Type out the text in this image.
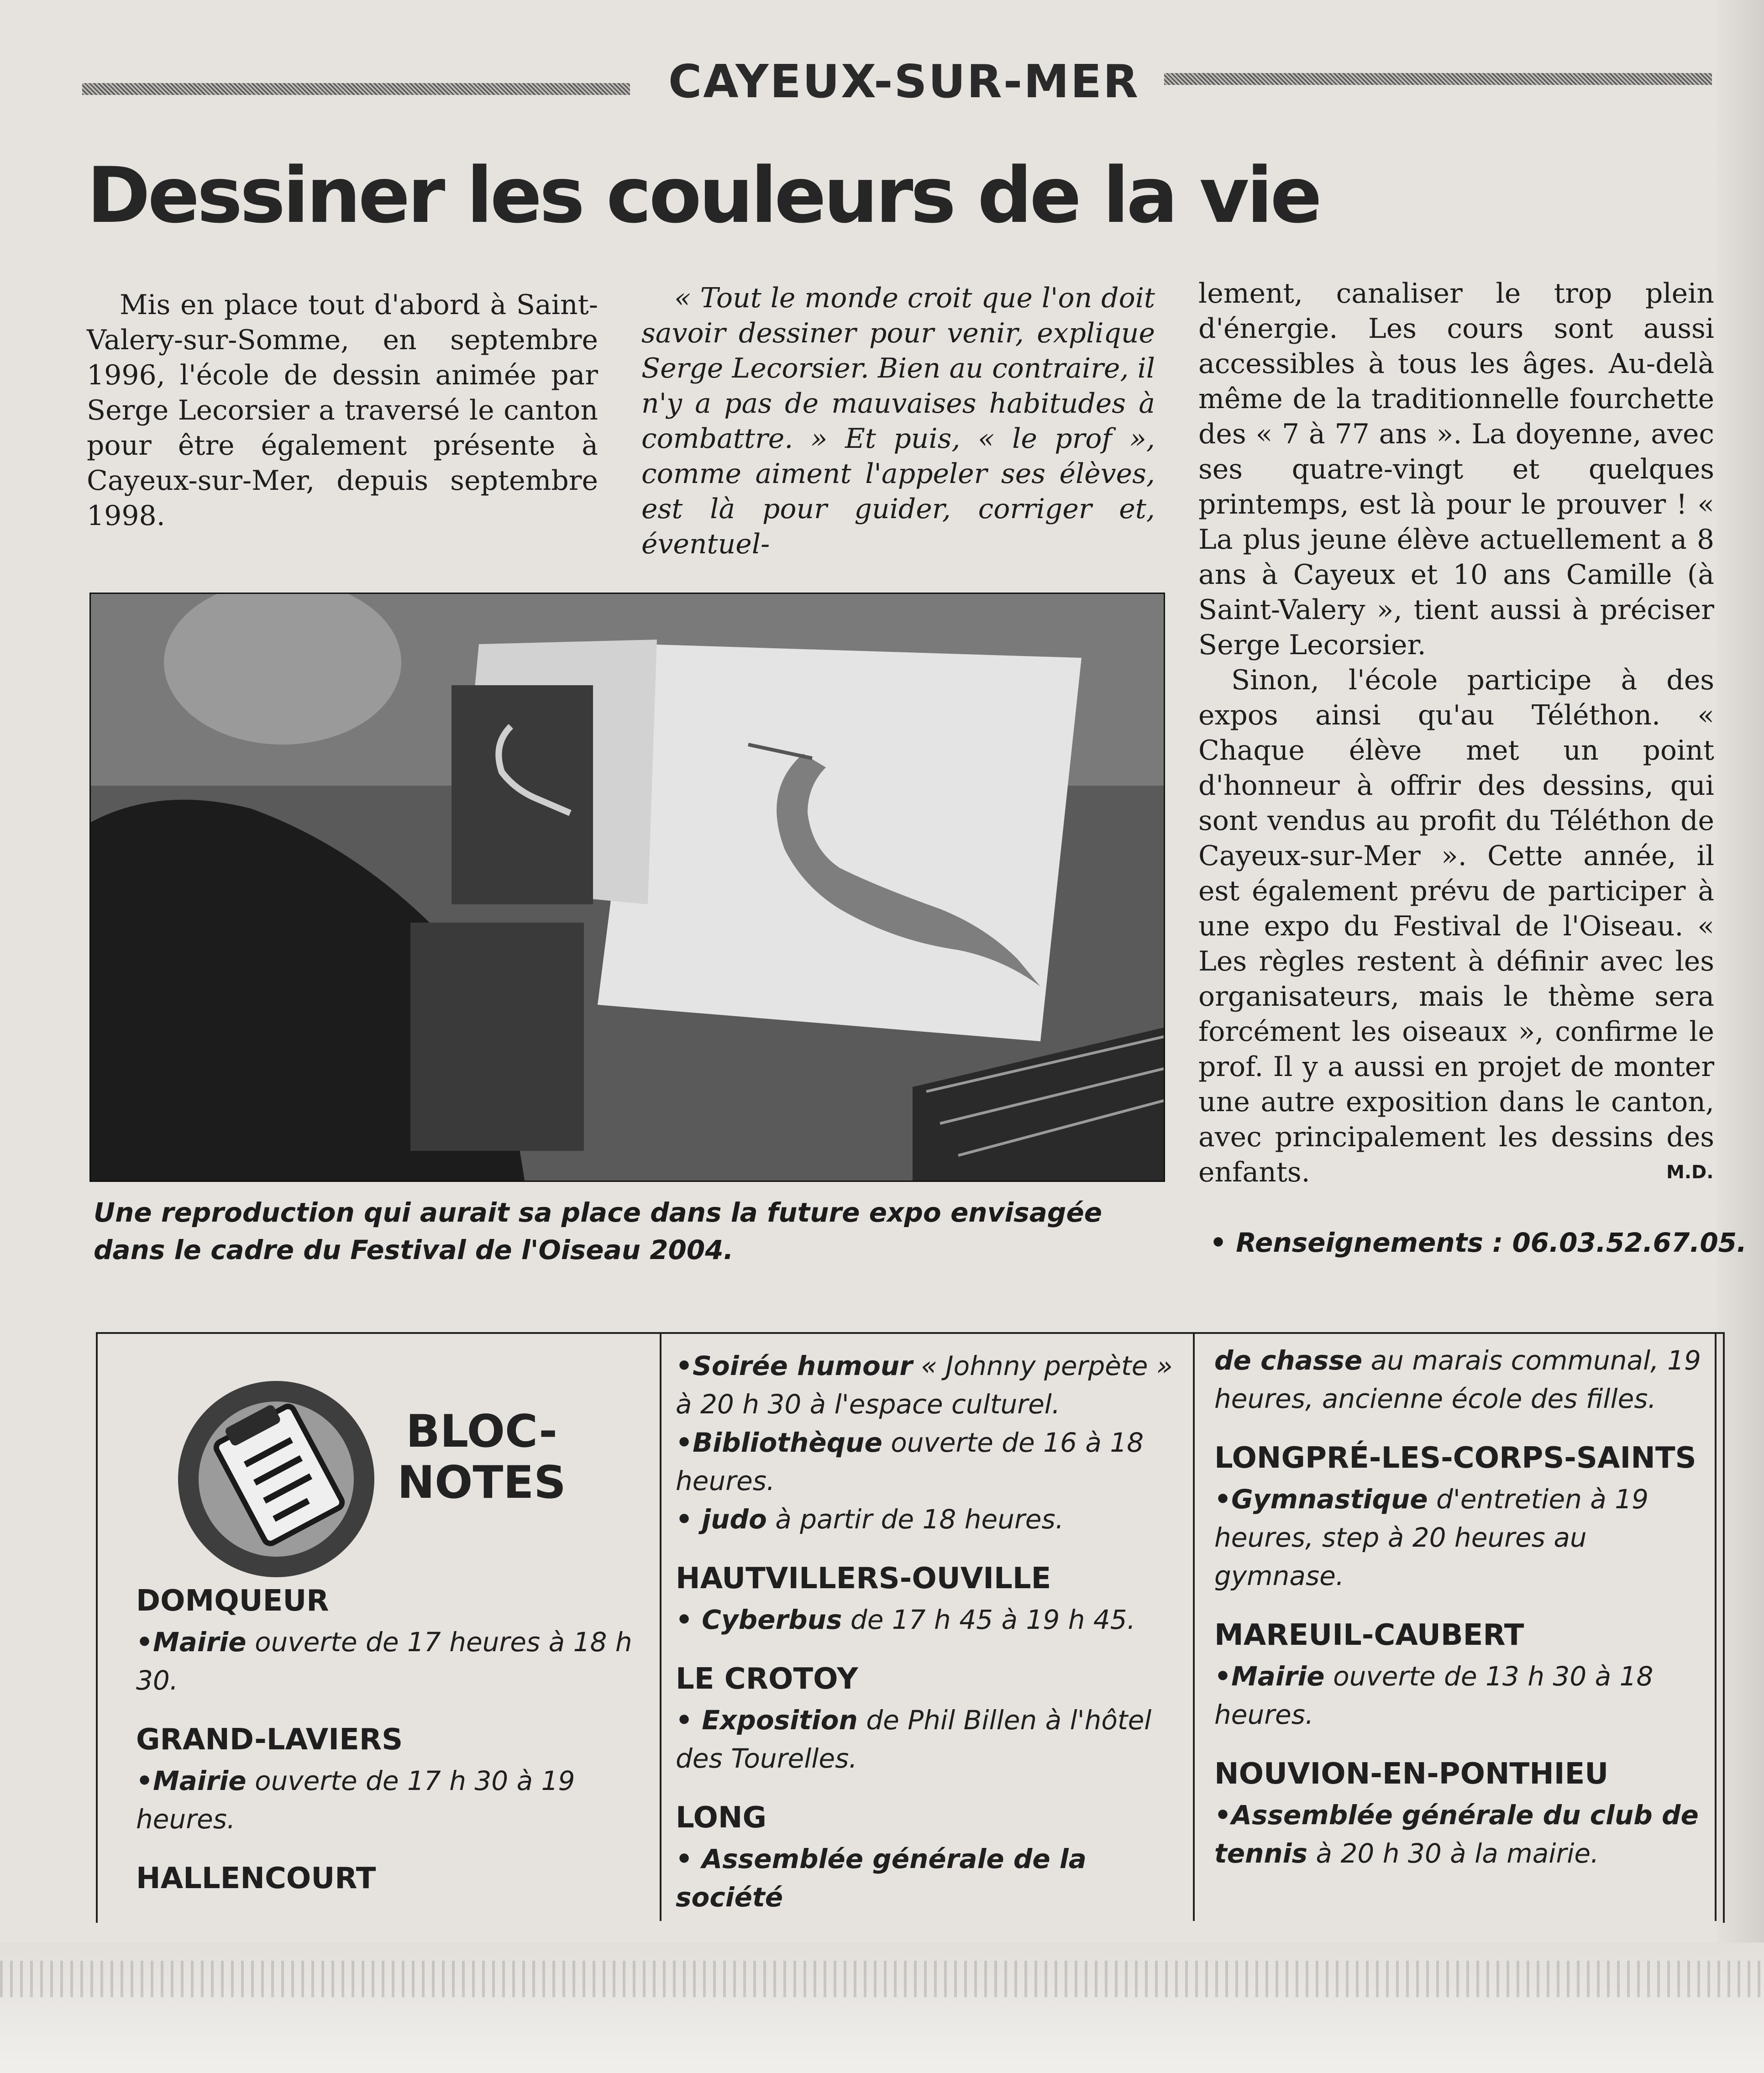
CAYEUX-SUR-MER
Dessiner les couleurs de la vie

Mis en place tout d'abord à Saint-Valery-sur-Somme, en septembre 1996, l'école de dessin animée par Serge Lecorsier a traversé le canton pour être également présente à Cayeux-sur-Mer, depuis septembre 1998.

« Tout le monde croit que l'on doit savoir dessiner pour venir, explique Serge Lecorsier. Bien au contraire, il n'y a pas de mauvaises habitudes à combattre. » Et puis, « le prof », comme aiment l'appeler ses élèves, est là pour guider, corriger et, éventuel-

lement, canaliser le trop plein d'énergie. Les cours sont aussi accessibles à tous les âges. Au-delà même de la traditionnelle fourchette des « 7 à 77 ans ». La doyenne, avec ses quatre-vingt et quelques printemps, est là pour le prouver ! « La plus jeune élève actuellement a 8 ans à Cayeux et 10 ans Camille (à Saint-Valery », tient aussi à préciser Serge Lecorsier.

Sinon, l'école participe à des expos ainsi qu'au Téléthon. « Chaque élève met un point d'honneur à offrir des dessins, qui sont vendus au profit du Téléthon de Cayeux-sur-Mer ». Cette année, il est également prévu de participer à une expo du Festival de l'Oiseau. « Les règles restent à définir avec les organisateurs, mais le thème sera forcément les oiseaux », confirme le prof. Il y a aussi en projet de monter une autre exposition dans le canton, avec principalement les dessins des enfants.	M.D.
• Renseignements : 06.03.52.67.05.
Une reproduction qui aurait sa place dans la future expo envisagée dans le cadre du Festival de l'Oiseau 2004.
BLOC-
NOTES
DOMQUEUR
•Mairie ouverte de 17 heures à 18 h 30.
GRAND-LAVIERS
•Mairie ouverte de 17 h 30 à 19 heures.
HALLENCOURT
•Soirée humour « Johnny perpète » à 20 h 30 à l'espace culturel.
•Bibliothèque ouverte de 16 à 18 heures.
• judo à partir de 18 heures.
HAUTVILLERS-OUVILLE
• Cyberbus de 17 h 45 à 19 h 45.
LE CROTOY
• Exposition de Phil Billen à l'hôtel des Tourelles.
LONG
• Assemblée générale de la société
de chasse au marais communal, 19 heures, ancienne école des filles.
LONGPRÉ-LES-CORPS-SAINTS
•Gymnastique d'entretien à 19 heures, step à 20 heures au gymnase.
MAREUIL-CAUBERT
•Mairie ouverte de 13 h 30 à 18 heures.
NOUVION-EN-PONTHIEU
•Assemblée générale du club de tennis à 20 h 30 à la mairie.
